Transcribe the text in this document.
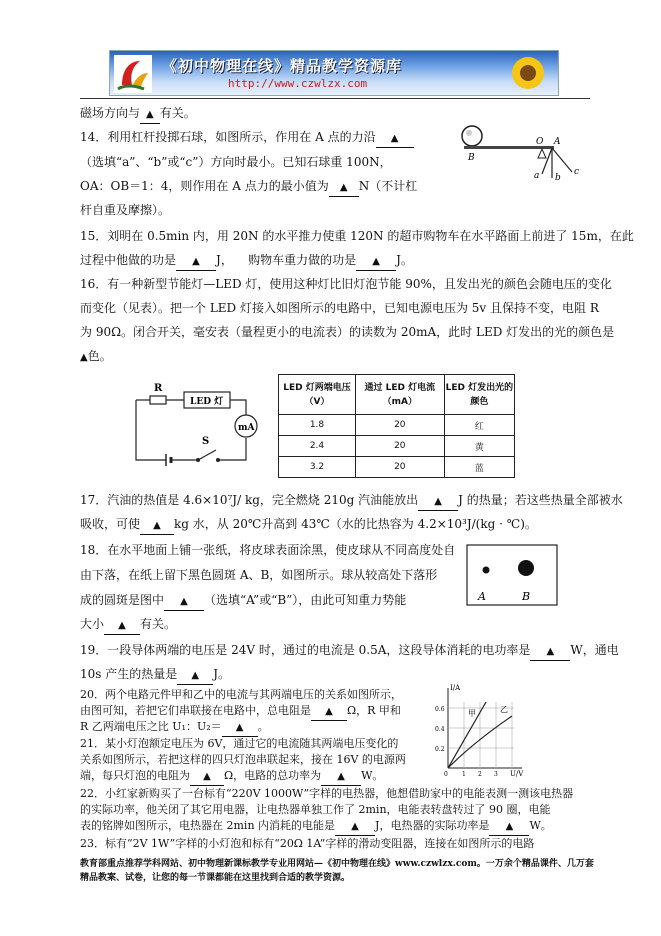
《初中物理在线》精品教学资源库
http://www.czwlzx.com
磁场方向与 ▲ 有关。
14．利用杠杆投掷石球，如图所示，作用在 A 点的力沿 ▲
（选填“a”、“b”或“c”）方向时最小。已知石球重 100N，
OA：OB＝1：4，则作用在 A 点力的最小值为 ▲ N（不计杠
杆自重及摩擦）。
B
O A
a b
c
15．刘明在 0.5min 内，用 20N 的水平推力使重 120N 的超市购物车在水平路面上前进了 15m，在此
过程中他做的功是 ▲ J， 购物车重力做的功是 ▲ J。
16．有一种新型节能灯—LED 灯，使用这种灯比旧灯泡节能 90%，且发出光的颜色会随电压的变化
而变化（见表）。把一个 LED 灯接入如图所示的电路中，已知电源电压为 5v 且保持不变，电阻 R
为 90Ω。闭合开关，毫安表（量程更小的电流表）的读数为 20mA，此时 LED 灯发出的光的颜色是
▲色。
R
LED 灯
mA
S
LED 灯两端电压（V）	通过 LED 灯电流（mA）	LED 灯发出光的颜色
1.8	20	红
2.4	20	黄
3.2	20	蓝
17．汽油的热值是 4.6×10⁷J/ kg，完全燃烧 210g 汽油能放出 ▲ J 的热量；若这些热量全部被水
吸收，可使 ▲ kg 水，从 20℃升高到 43℃（水的比热容为 4.2×10³J/(kg · ℃)。
18．在水平地面上铺一张纸，将皮球表面涂黑，使皮球从不同高度处自
由下落，在纸上留下黑色圆斑 A、B，如图所示。球从较高处下落形
成的圆斑是图中 ▲ （选填“A”或“B”），由此可知重力势能
大小 ▲ 有关。
A	B
19．一段导体两端的电压是 24V 时，通过的电流是 0.5A，这段导体消耗的电功率是 ▲ W，通电
10s 产生的热量是 ▲ J。
20．两个电路元件甲和乙中的电流与其两端电压的关系如图所示，
由图可知，若把它们串联接在电路中，总电阻是 ▲ Ω，R 甲和
R 乙两端电压之比 U₁：U₂＝ ▲ 。
21．某小灯泡额定电压为 6V，通过它的电流随其两端电压变化的
关系如图所示，若把这样的四只灯泡串联起来，接在 16V 的电源两
端，每只灯泡的电阻为 ▲ Ω，电路的总功率为 ▲ W。
I/A
U/V
甲	乙
0.6
0.4
0.2
0 1 2 3
22．小红家新购买了一台标有“220V 1000W”字样的电热器，他想借助家中的电能表测一测该电热器
的实际功率，他关闭了其它用电器，让电热器单独工作了 2min，电能表转盘转过了 90 圈，电能
表的铭牌如图所示，电热器在 2min 内消耗的电能是 ▲ J，电热器的实际功率是 ▲ W。
23．标有“2V 1W”字样的小灯泡和标有“20Ω 1A”字样的滑动变阻器，连接在如图所示的电路
教育部重点推荐学科网站、初中物理新课标教学专业用网站—《初中物理在线》www.czwlzx.com。一万余个精品课件、几万套精品教案、试卷，让您的每一节课都能在这里找到合适的教学资源。
